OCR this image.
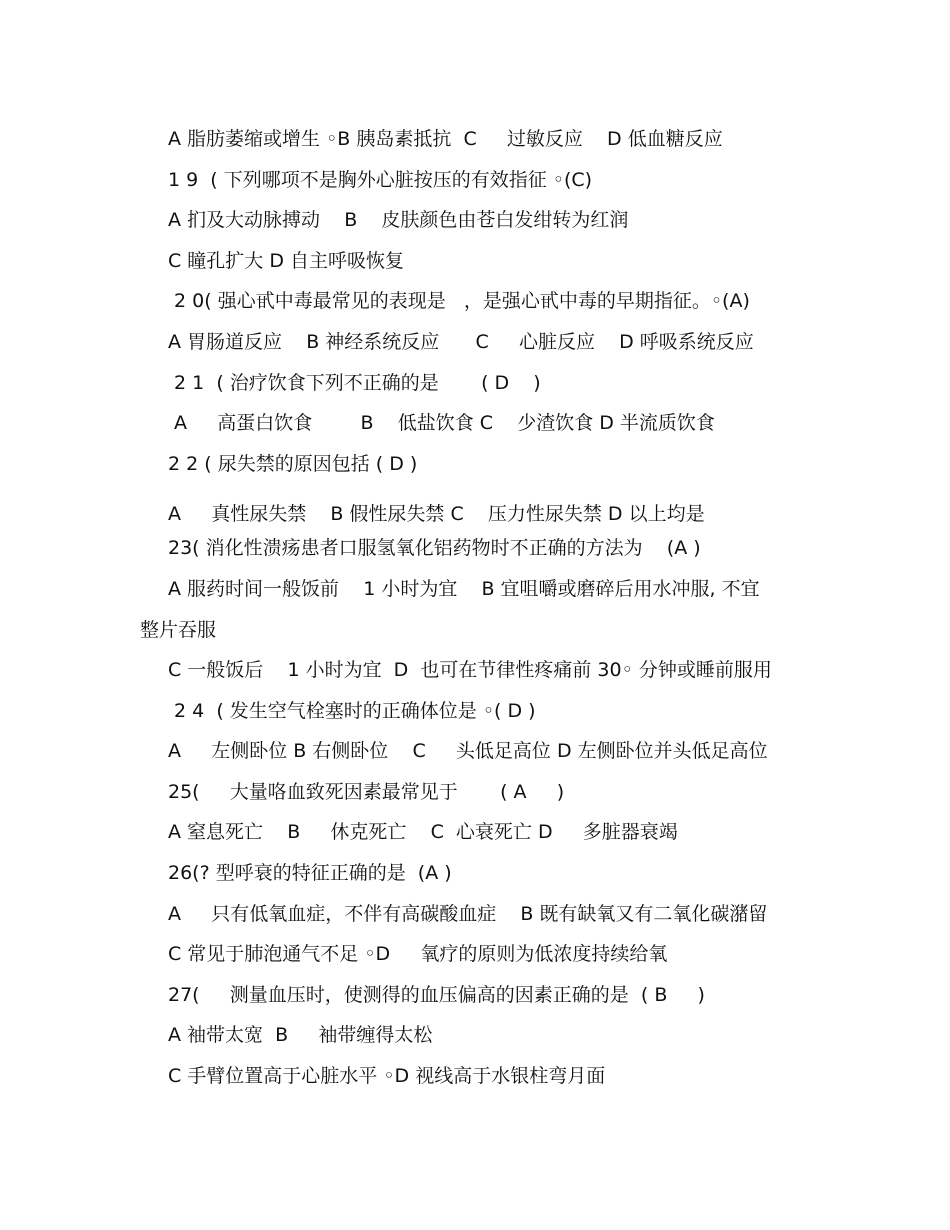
A 脂肪萎缩或增生 ◦B 胰岛素抵抗  C     过敏反应    D 低血糖反应
1 9  ( 下列哪项不是胸外心脏按压的有效指征 ◦(C)
A 扪及大动脉搏动    B    皮肤颜色由苍白发绀转为红润
C 瞳孔扩大 D 自主呼吸恢复
2 0( 强心甙中毒最常见的表现是   ，是强心甙中毒的早期指征。◦(A)
A 胃肠道反应    B 神经系统反应      C     心脏反应    D 呼吸系统反应
2 1  ( 治疗饮食下列不正确的是       ( D    )
A     高蛋白饮食        B    低盐饮食 C    少渣饮食 D 半流质饮食
2 2 ( 尿失禁的原因包括 ( D )
A     真性尿失禁    B 假性尿失禁 C    压力性尿失禁 D 以上均是
23( 消化性溃疡患者口服氢氧化铝药物时不正确的方法为    (A )
A 服药时间一般饭前    1 小时为宜    B 宜咀嚼或磨碎后用水冲服, 不宜
整片吞服
C 一般饭后    1 小时为宜  D  也可在节律性疼痛前 30◦ 分钟或睡前服用
2 4  ( 发生空气栓塞时的正确体位是 ◦( D )
A     左侧卧位 B 右侧卧位    C     头低足高位 D 左侧卧位并头低足高位
25(     大量咯血致死因素最常见于       ( A     )
A 窒息死亡    B     休克死亡    C  心衰死亡 D     多脏器衰竭
26(? 型呼衰的特征正确的是  (A )
A     只有低氧血症，不伴有高碳酸血症    B 既有缺氧又有二氧化碳潴留
C 常见于肺泡通气不足 ◦D     氧疗的原则为低浓度持续给氧
27(     测量血压时，使测得的血压偏高的因素正确的是  ( B     )
A 袖带太宽  B     袖带缠得太松
C 手臂位置高于心脏水平 ◦D 视线高于水银柱弯月面
